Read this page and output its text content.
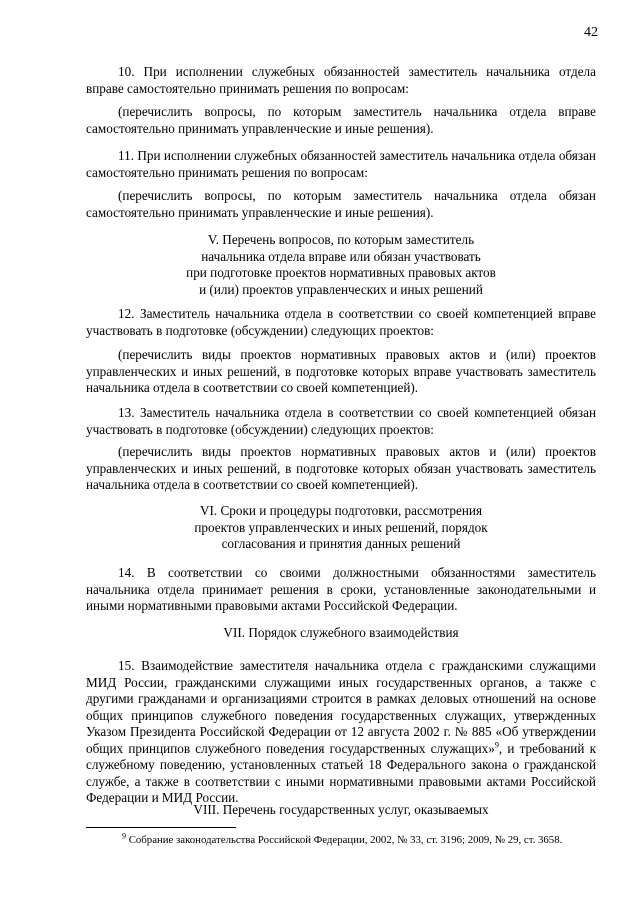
42

10. При исполнении служебных обязанностей заместитель начальника отдела вправе самостоятельно принимать решения по вопросам:

(перечислить вопросы, по которым заместитель начальника отдела вправе самостоятельно принимать управленческие и иные решения).

11. При исполнении служебных обязанностей заместитель начальника отдела обязан самостоятельно принимать решения по вопросам:

(перечислить вопросы, по которым заместитель начальника отдела обязан самостоятельно принимать управленческие и иные решения).

V. Перечень вопросов, по которым заместитель
начальника отдела вправе или обязан участвовать
при подготовке проектов нормативных правовых актов
и (или) проектов управленческих и иных решений

12. Заместитель начальника отдела в соответствии со своей компетенцией вправе участвовать в подготовке (обсуждении) следующих проектов:

(перечислить виды проектов нормативных правовых актов и (или) проектов управленческих и иных решений, в подготовке которых вправе участвовать заместитель начальника отдела в соответствии со своей компетенцией).

13. Заместитель начальника отдела в соответствии со своей компетенцией обязан участвовать в подготовке (обсуждении) следующих проектов:

(перечислить виды проектов нормативных правовых актов и (или) проектов управленческих и иных решений, в подготовке которых обязан участвовать заместитель начальника отдела в соответствии со своей компетенцией).

VI. Сроки и процедуры подготовки, рассмотрения
проектов управленческих и иных решений, порядок
согласования и принятия данных решений

14. В соответствии со своими должностными обязанностями заместитель начальника отдела принимает решения в сроки, установленные законодательными и иными нормативными правовыми актами Российской Федерации.

VII. Порядок служебного взаимодействия

15. Взаимодействие заместителя начальника отдела с гражданскими служащими МИД России, гражданскими служащими иных государственных органов, а также с другими гражданами и организациями строится в рамках деловых отношений на основе общих принципов служебного поведения государственных служащих, утвержденных Указом Президента Российской Федерации от 12 августа 2002 г. № 885 «Об утверждении общих принципов служебного поведения государственных служащих»$^9$, и требований к служебному поведению, установленных статьей 18 Федерального закона о гражданской службе, а также в соответствии с иными нормативными правовыми актами Российской Федерации и МИД России.

VIII. Перечень государственных услуг, оказываемых

$^9$ Собрание законодательства Российской Федерации, 2002, № 33, ст. 3196; 2009, № 29, ст. 3658.
